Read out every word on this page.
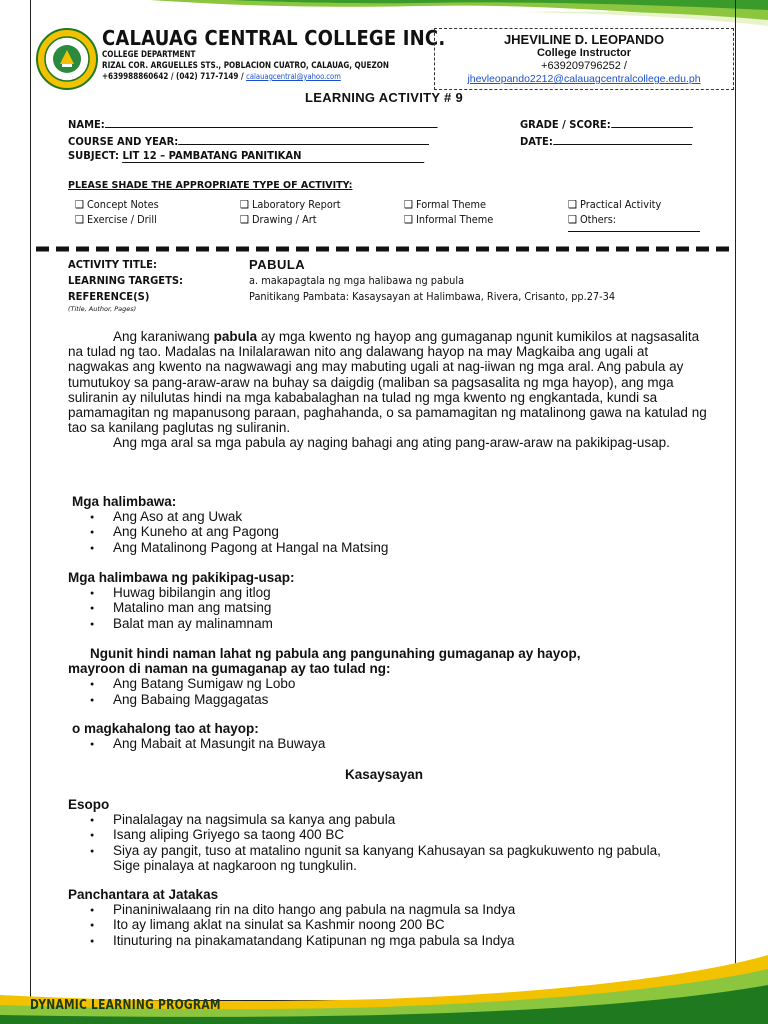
CALAUAG CENTRAL COLLEGE INC.
COLLEGE DEPARTMENT
RIZAL COR. ARGUELLES STS., POBLACION CUATRO, CALAUAG, QUEZON
+639988860642 / (042) 717-7149 / calauagcentral@yahoo.com
JHEVILINE D. LEOPANDO
College Instructor
+639209796252 /
jhevleopando2212@calauagcentralcollege.edu.ph
LEARNING ACTIVITY # 9
NAME:
COURSE AND YEAR:
SUBJECT: LIT 12 – PAMBATANG PANITIKAN
GRADE / SCORE:
DATE:
PLEASE SHADE THE APPROPRIATE TYPE OF ACTIVITY:
❑ Concept Notes
❑ Exercise / Drill
❑ Laboratory Report
❑ Drawing / Art
❑ Formal Theme
❑ Informal Theme
❑ Practical Activity
❑ Others:
ACTIVITY TITLE:	PABULA
LEARNING TARGETS:	a. makapagtala ng mga halibawa ng pabula
REFERENCE(S)
(Title, Author, Pages)
Panitikang Pambata: Kasaysayan at Halimbawa, Rivera, Crisanto, pp.27-34

Ang karaniwang pabula ay mga kwento ng hayop ang gumaganap ngunit kumikilos at nagsasalita na tulad ng tao. Madalas na Inilalarawan nito ang dalawang hayop na may Magkaiba ang ugali at nagwakas ang kwento na nagwawagi ang may mabuting ugali at nag-iiwan ng mga aral. Ang pabula ay tumutukoy sa pang-araw-araw na buhay sa daigdig (maliban sa pagsasalita ng mga hayop), ang mga suliranin ay nilulutas hindi na mga kababalaghan na tulad ng mga kwento ng engkantada, kundi sa pamamagitan ng mapanusong paraan, paghahanda, o sa pamamagitan ng matalinong gawa na katulad ng tao sa kanilang paglutas ng suliranin.

Ang mga aral sa mga pabula ay naging bahagi ang ating pang-araw-araw na pakikipag-usap.

Mga halimbawa:
● Ang Aso at ang Uwak
● Ang Kuneho at ang Pagong
● Ang Matalinong Pagong at Hangal na Matsing
Mga halimbawa ng pakikipag-usap:
● Huwag bibilangin ang itlog
● Matalino man ang matsing
● Balat man ay malinamnam
Ngunit hindi naman lahat ng pabula ang pangunahing gumaganap ay hayop, mayroon di naman na gumaganap ay tao tulad ng:
● Ang Batang Sumigaw ng Lobo
● Ang Babaing Maggagatas
o magkahalong tao at hayop:
● Ang Mabait at Masungit na Buwaya
Kasaysayan
Esopo
● Pinalalagay na nagsimula sa kanya ang pabula
● Isang aliping Griyego sa taong 400 BC
● Siya ay pangit, tuso at matalino ngunit sa kanyang Kahusayan sa pagkukuwento ng pabula, Sige pinalaya at nagkaroon ng tungkulin.
Panchantara at Jatakas
● Pinaniniwalaang rin na dito hango ang pabula na nagmula sa Indya
● Ito ay limang aklat na sinulat sa Kashmir noong 200 BC
● Itinuturing na pinakamatandang Katipunan ng mga pabula sa Indya
DYNAMIC LEARNING PROGRAM
